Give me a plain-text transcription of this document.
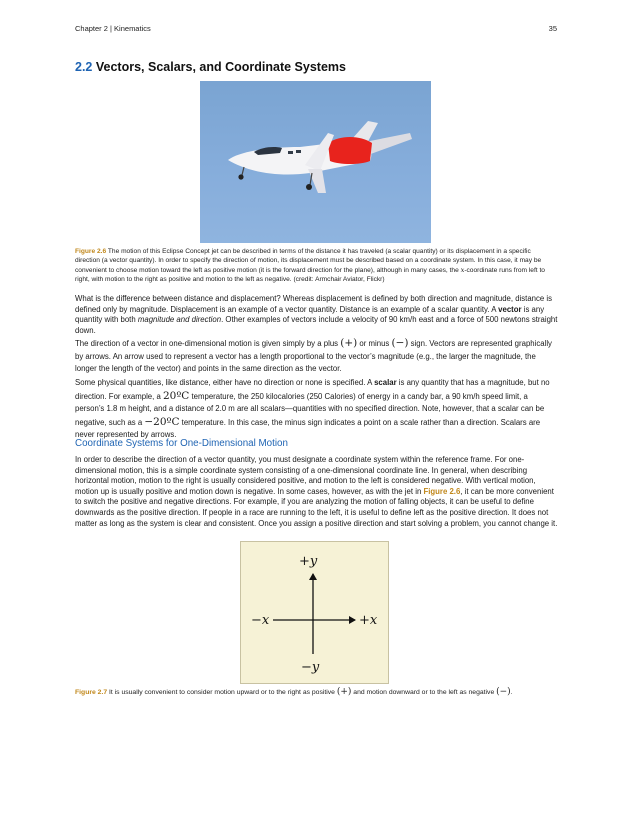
Chapter 2 | Kinematics	35
2.2 Vectors, Scalars, and Coordinate Systems
Figure 2.6 The motion of this Eclipse Concept jet can be described in terms of the distance it has traveled (a scalar quantity) or its displacement in a specific direction (a vector quantity). In order to specify the direction of motion, its displacement must be described based on a coordinate system. In this case, it may be convenient to choose motion toward the left as positive motion (it is the forward direction for the plane), although in many cases, the x-coordinate runs from left to right, with motion to the right as positive and motion to the left as negative. (credit: Armchair Aviator, Flickr)
What is the difference between distance and displacement? Whereas displacement is defined by both direction and magnitude, distance is defined only by magnitude. Displacement is an example of a vector quantity. Distance is an example of a scalar quantity. A vector is any quantity with both magnitude and direction. Other examples of vectors include a velocity of 90 km/h east and a force of 500 newtons straight down.
The direction of a vector in one-dimensional motion is given simply by a plus (+) or minus (−) sign. Vectors are represented graphically by arrows. An arrow used to represent a vector has a length proportional to the vector’s magnitude (e.g., the larger the magnitude, the longer the length of the vector) and points in the same direction as the vector.
Some physical quantities, like distance, either have no direction or none is specified. A scalar is any quantity that has a magnitude, but no direction. For example, a 20ºC temperature, the 250 kilocalories (250 Calories) of energy in a candy bar, a 90 km/h speed limit, a person’s 1.8 m height, and a distance of 2.0 m are all scalars—quantities with no specified direction. Note, however, that a scalar can be negative, such as a −20ºC temperature. In this case, the minus sign indicates a point on a scale rather than a direction. Scalars are never represented by arrows.
Coordinate Systems for One-Dimensional Motion
In order to describe the direction of a vector quantity, you must designate a coordinate system within the reference frame. For one-dimensional motion, this is a simple coordinate system consisting of a one-dimensional coordinate line. In general, when describing horizontal motion, motion to the right is usually considered positive, and motion to the left is considered negative. With vertical motion, motion up is usually positive and motion down is negative. In some cases, however, as with the jet in Figure 2.6, it can be more convenient to switch the positive and negative directions. For example, if you are analyzing the motion of falling objects, it can be useful to define downwards as the positive direction. If people in a race are running to the left, it is useful to define left as the positive direction. It does not matter as long as the system is clear and consistent. Once you assign a positive direction and start solving a problem, you cannot change it.
+y
−y
+x
−x
Figure 2.7 It is usually convenient to consider motion upward or to the right as positive (+) and motion downward or to the left as negative (−).
